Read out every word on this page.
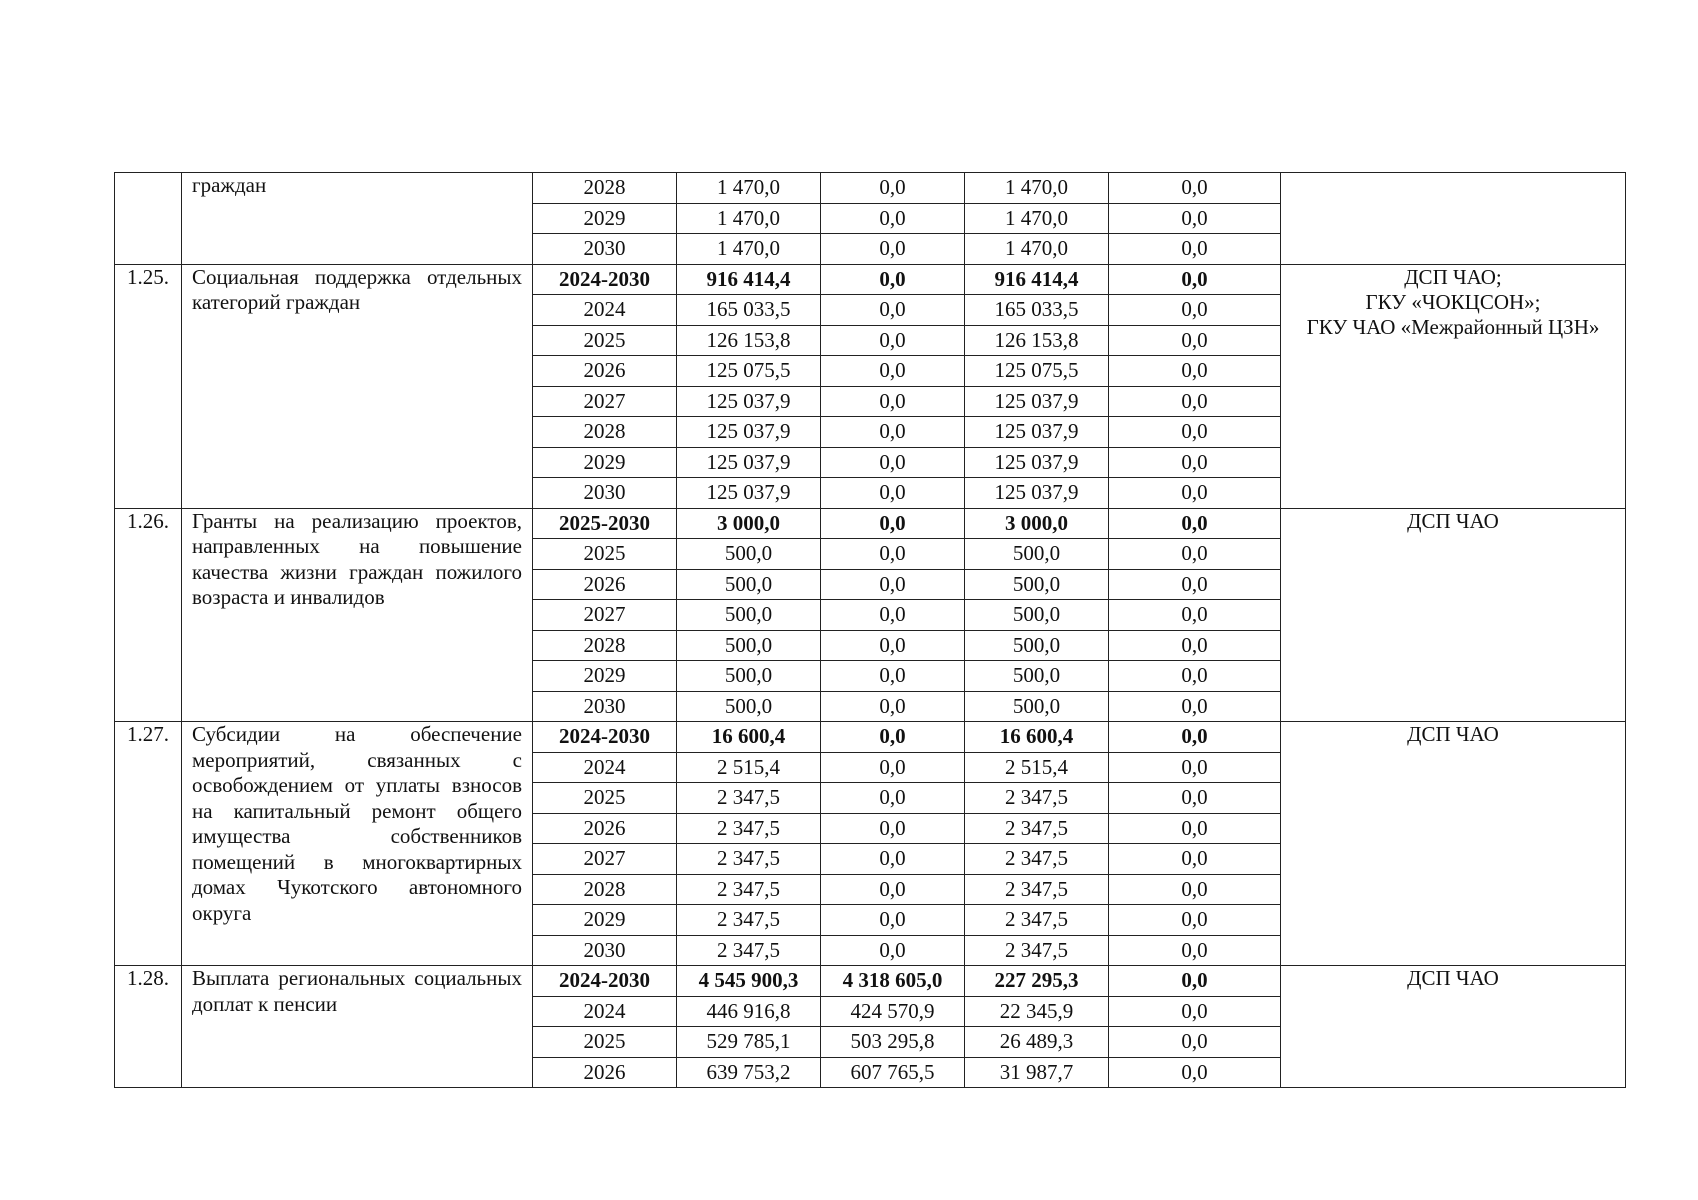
	граждан	2028	1 470,0	0,0	1 470,0	0,0	
		2029	1 470,0	0,0	1 470,0	0,0	
		2030	1 470,0	0,0	1 470,0	0,0	
1.25.	Социальная поддержка отдельных категорий граждан	2024-2030	916 414,4	0,0	916 414,4	0,0	ДСП ЧАО;
ГКУ «ЧОКЦСОН»;
ГКУ ЧАО «Межрайонный ЦЗН»

		2024	165 033,5	0,0	165 033,5	0,0	
		2025	126 153,8	0,0	126 153,8	0,0	
		2026	125 075,5	0,0	125 075,5	0,0	
		2027	125 037,9	0,0	125 037,9	0,0	
		2028	125 037,9	0,0	125 037,9	0,0	
		2029	125 037,9	0,0	125 037,9	0,0	
		2030	125 037,9	0,0	125 037,9	0,0	
1.26.	Гранты на реализацию проектов, направленных на повышение качества жизни граждан пожилого возраста и инвалидов	2025-2030	3 000,0	0,0	3 000,0	0,0	ДСП ЧАО

		2025	500,0	0,0	500,0	0,0	
		2026	500,0	0,0	500,0	0,0	
		2027	500,0	0,0	500,0	0,0	
		2028	500,0	0,0	500,0	0,0	
		2029	500,0	0,0	500,0	0,0	
		2030	500,0	0,0	500,0	0,0	
1.27.	Субсидии на обеспечение мероприятий, связанных с освобождением от уплаты взносов на капитальный ремонт общего имущества собственников помещений в многоквартирных домах Чукотского автономного округа	2024-2030	16 600,4	0,0	16 600,4	0,0	ДСП ЧАО

		2024	2 515,4	0,0	2 515,4	0,0	
		2025	2 347,5	0,0	2 347,5	0,0	
		2026	2 347,5	0,0	2 347,5	0,0	
		2027	2 347,5	0,0	2 347,5	0,0	
		2028	2 347,5	0,0	2 347,5	0,0	
		2029	2 347,5	0,0	2 347,5	0,0	
		2030	2 347,5	0,0	2 347,5	0,0	
1.28.	Выплата региональных социальных доплат к пенсии	2024-2030	4 545 900,3	4 318 605,0	227 295,3	0,0	ДСП ЧАО

		2024	446 916,8	424 570,9	22 345,9	0,0	
		2025	529 785,1	503 295,8	26 489,3	0,0	
		2026	639 753,2	607 765,5	31 987,7	0,0	
